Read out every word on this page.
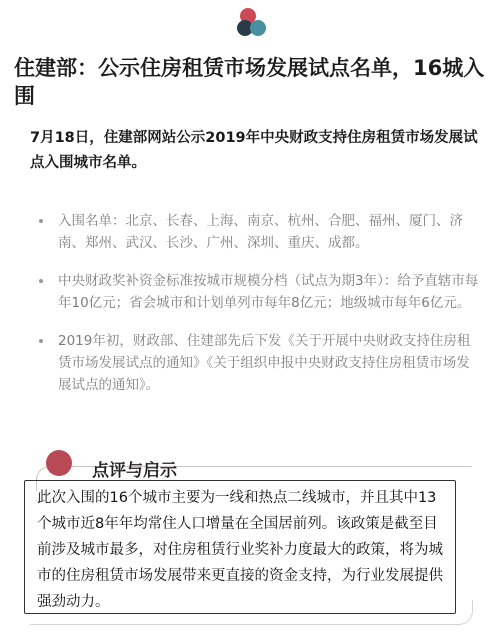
住建部：公示住房租赁市场发展试点名单，16城入围

7月18日，住建部网站公示2019年中央财政支持住房租赁市场发展试点入围城市名单。

入围名单：北京、长春、上海、南京、杭州、合肥、福州、厦门、济南、郑州、武汉、长沙、广州、深圳、重庆、成都。
中央财政奖补资金标准按城市规模分档（试点为期3年）：给予直辖市每年10亿元；省会城市和计划单列市每年8亿元；地级城市每年6亿元。
2019年初，财政部、住建部先后下发《关于开展中央财政支持住房租赁市场发展试点的通知》《关于组织申报中央财政支持住房租赁市场发展试点的通知》。
点评与启示
此次入围的16个城市主要为一线和热点二线城市，并且其中13个城市近8年年均常住人口增量在全国居前列。该政策是截至目前涉及城市最多，对住房租赁行业奖补力度最大的政策，将为城市的住房租赁市场发展带来更直接的资金支持，为行业发展提供强劲动力。
